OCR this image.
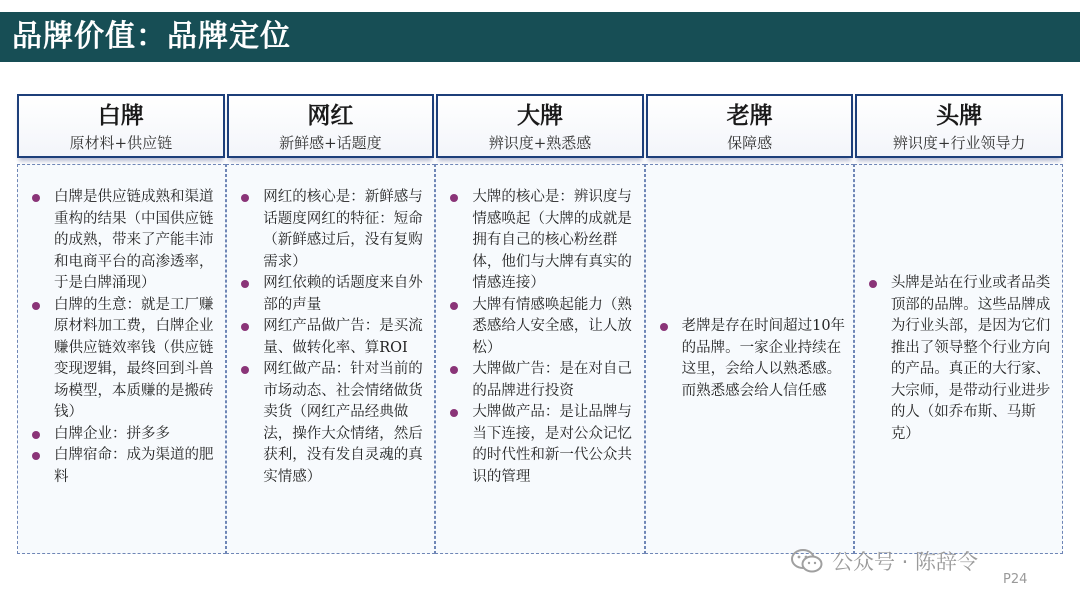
品牌价值：品牌定位
白牌
原材料+供应链
网红
新鲜感+话题度
大牌
辨识度+熟悉感
老牌
保障感
头牌
辨识度+行业领导力
白牌是供应链成熟和渠道重构的结果（中国供应链的成熟，带来了产能丰沛和电商平台的高渗透率，于是白牌涌现）
白牌的生意：就是工厂赚原材料加工费，白牌企业赚供应链效率钱（供应链变现逻辑，最终回到斗兽场模型，本质赚的是搬砖钱）
白牌企业：拼多多
白牌宿命：成为渠道的肥料
网红的核心是：新鲜感与话题度网红的特征：短命（新鲜感过后，没有复购需求）
网红依赖的话题度来自外部的声量
网红产品做广告：是买流量、做转化率、算ROI
网红做产品：针对当前的市场动态、社会情绪做货卖货（网红产品经典做法，操作大众情绪，然后获利，没有发自灵魂的真实情感）
大牌的核心是：辨识度与情感唤起（大牌的成就是拥有自己的核心粉丝群体，他们与大牌有真实的情感连接）
大牌有情感唤起能力（熟悉感给人安全感，让人放松）
大牌做广告：是在对自己的品牌进行投资
大牌做产品：是让品牌与当下连接，是对公众记忆的时代性和新一代公众共识的管理
老牌是存在时间超过10年的品牌。一家企业持续在这里，会给人以熟悉感。而熟悉感会给人信任感
头牌是站在行业或者品类顶部的品牌。这些品牌成为行业头部，是因为它们推出了领导整个行业方向的产品。真正的大行家、大宗师，是带动行业进步的人（如乔布斯、马斯克）
公众号 · 陈辞令
P24
